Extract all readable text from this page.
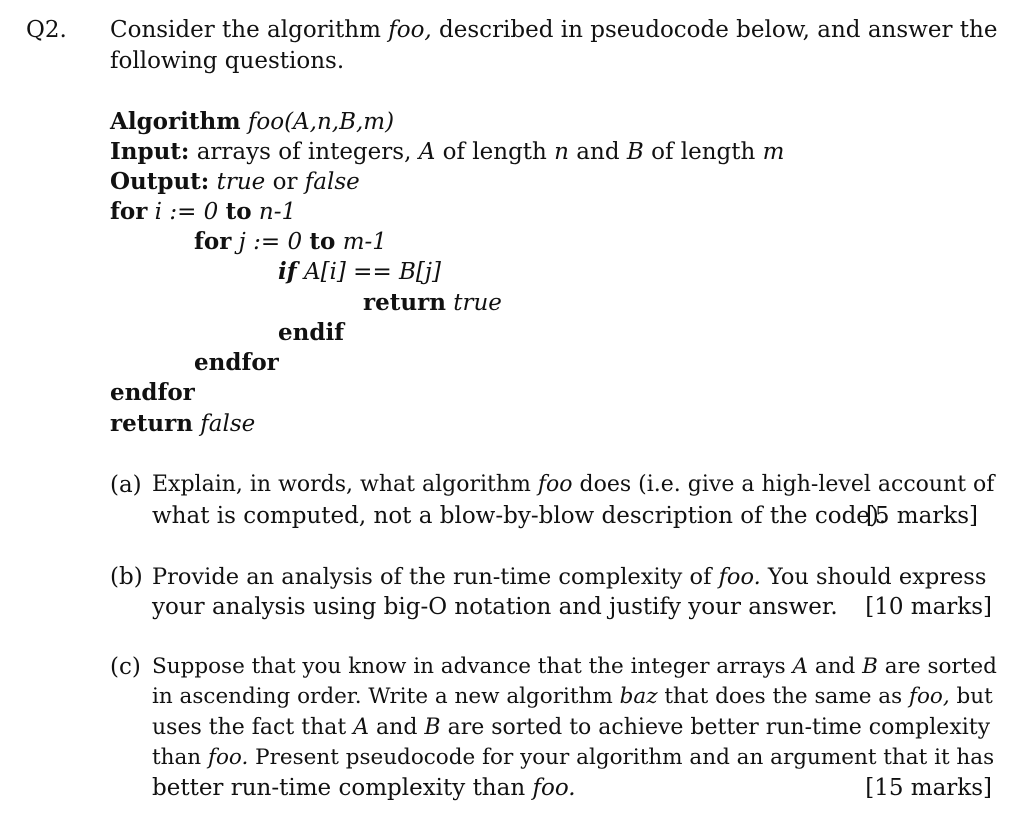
Q2. Consider the algorithm foo, described in pseudocode below, and answer the
following questions.
Algorithm foo(A,n,B,m)
Input: arrays of integers, A of length n and B of length m
Output: true or false
for i := 0 to n-1
for j := 0 to m-1
if A[i] == B[j]
return true
endif
endfor
endfor
return false
(a) Explain, in words, what algorithm foo does (i.e. give a high-level account of
what is computed, not a blow-by-blow description of the code).
[5 marks]
(b) Provide an analysis of the run-time complexity of foo. You should express
your analysis using big-O notation and justify your answer. [10 marks]
(c) Suppose that you know in advance that the integer arrays A and B are sorted
in ascending order. Write a new algorithm baz that does the same as foo, but
uses the fact that A and B are sorted to achieve better run-time complexity
than foo. Present pseudocode for your algorithm and an argument that it has
better run-time complexity than foo.	[15 marks]
